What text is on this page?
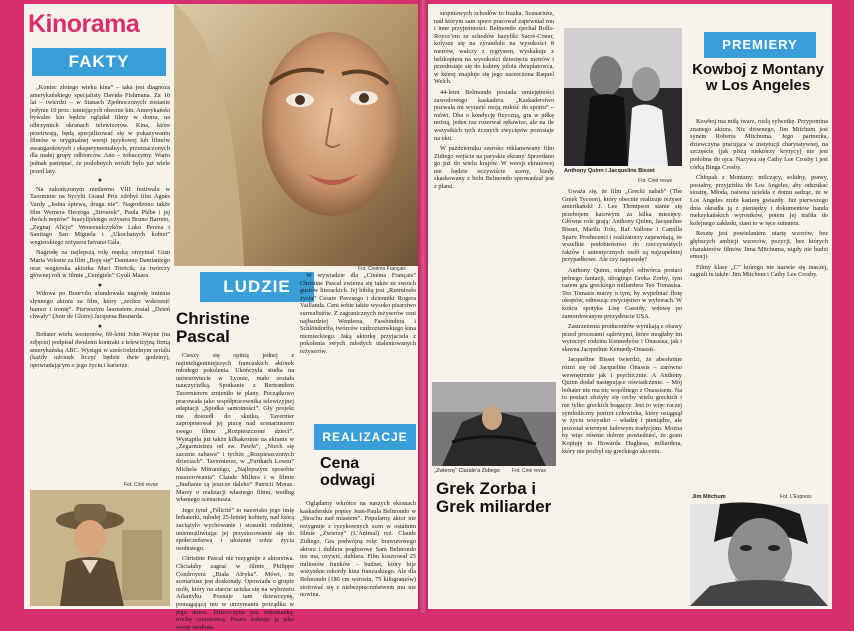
Kinorama
FAKTY

„Koniec złotego wieku kina” – taka jest diagnoza amerykańskiego specjalisty Davida Fishmana. Za 10 lat – twierdzi – w Stanach Zjednoczonych zostanie jedynie 10 proc. istniejących obecnie kin. Amerykański bywalec kin będzie oglądał filmy w domu, na olbrzymich ekranach telewizorów. Kina, które przetrwają, będą specjalizować się w pokazywaniu filmów w oryginalnej wersji językowej lub filmów awangardowych i eksperymentalnych, przeznaczonych dla małej grupy odbiorców. Ano – zobaczymy. Warto jednak pamiętać, że podobnych wróżb było już wiele przed laty.

★

Na zakończonym niedawno VIII festiwalu w Taorminie na Sycylii Grand Prix zdobył film Agnès Vardy „Jedna śpiewa, druga nie”. Nagrodzono także film Wernera Herzoga „Stroszek”, Paula Plébe i jej dwóch mężów” brazylijskiego reżysera Bruno Barreto, „Zegnaj Alicjo” Wenezuelczyków Luko Pereza i Santiago San Miguela i „Ukochanych kobiet” wegierskiego reżysera Istvana Gála.

Nagrodę za najlepszą rolę męską otrzymał Gian Maria Volonte za film „Boję się” Damiano Damianiego oraz wegierska aktorka Mari Töröcik, za twórczy głównej roli w filmie „Cerégiele” Gyuli Maara.

★

Wdowa po Bourvilu ufundowała nagrodę imienia słynnego aktora za film, który „zechce wskrzesić humor i ironię”. Pierwszym laureatem został „Dzień chwały” (Jour de Gloire) Jacquesa Besnarda.

★

Bohater wielu westernów, 69-letni John Wayne (na zdjęciu) podpisał dwuletni kontrakt z telewizyjną firmą amerykańską ABC. Wystąpi w sześciodzielnym serialu (każdy odcinek liczyć będzie dwie godziny), opowiadającym o jego życiu i karierze.

Fot. Ciné revue
Fot. Cinéma Français
LUDZIE
Christine Pascal

Cieszy się opinią jednej z najinteligentniejszych francuskich aktorek młodego pokolenia. Ukończyła studia na uniwersytecie w Lyonie, mało została nauczycielką. Spotkanie z Bertrandem Tavernierem zmieniło te plany. Początkowo pracowała jako współpracownika telewizyjnej adaptacji „Spodka samotności”. Gły projekt nie doszedł do skutku, Tavernier zaproponował jej pracę nad scenariuszem swego filmu „Rozpieszczone dzieci”. Wystąpiła już także kilkakrotnie na ekranie w „Zegarmistrzu od sw. Pawła”, „Niech się zacznie zabawa” i tychże „Rozpieszczonych dzieciach”. Tavernierze, w „Furtkach Lowtu” Michela Mitraniégo, „Najlepszym sposobie maszerowania” Claude Millera i w filmie „Jindianie są jeszcze daleko” Patricii Moraz. Marzy o realizacji własnego filmu, według własnego scenariusza.

Jego tytuł „Félicité” to nazwisko jego imię bohaterki, młodej 25-letniej kobiety, nad którą zaciążyło wychowanie i stosunki rodzinne, uniemożliwiając jej przystosowanie się do społeczeństwa i ułożenie sobie życia osobistego.

Christine Pascal nie rezygnuje z aktorstwa. Chciałaby zagrać w filmie Philippe Condroyera „Biała Afryka”. Mówi, że scenariusz jest doskonały. Opowiada o grupie osób, który na starcie ucieka się na wybrzeżu Atlantyku. Poznaje tam dziewczynę, pomagającą mu w utrzymaniu porządku w jego domu. Dziewczyna jest mitomanką, trochę czarownicą. Pisarz traktuje ją jako swoje medium.

W wywiadzie dla „Cinéma Français” Christine Pascal zwierza się także ze swoich gustów literackich. Jej biblią jest „Rzemiosło życia” Cesare Pavesego i dzienniki Rogera Vaillanda. Ceni sobie także wysoko pisarstwo surrealistów. Z zagranicznych reżyserów ceni najbardziej Wendersa, Fassbindera i Schlöndorffa, twórców cudzoziemskiego kina niemieckiego. Jaką aktorkę przyjaciela z pokolenia swych młodych utalentowanych reżyserów.

REALIZACJE
Cena odwagi

Oglądamy wkrótce na naszych ekranach kaskaderskie popisy Jean-Paula Belmondo w „Strachu nad miastem”. Popularny aktor nie rezygnuje z ryzykownych scen w ostatnim filmie „Zwierzę” (L'Animal) reż. Claude Zidiego. Gra podwójną rolę: brawurowego aktora i dublera pogłosowe Sam Belmondo nie ma, ozywić, dublera. Film kosztował 25 milionów franków – budzet, który bije wszystkie rekordy kina francuskiego. Ale dla Belmondo (180 cm wzrostu, 75 kilogramów) stożować się z niebezpieczeństwem mu nie nowina.

stopniowych schodów to frazka. Scenariusz, nad którym sam sporo pracował zapewniał mu i inne przyjemności. Belmondo zjechał Rolls-Royce’em ze schodów bazyliki Sacré-Coeur, kolysze się na zyrandolu na wysokości 8 metrów, walczy z tygrysem, wyskakuje z helikoptera na wysokości dziesięciu metrów i przedostaje się do kabiny pilota dwupłatowca, w której znajduje się jego narzeczona Raquel Welch.

44-letni Belmondo posiada umiejętności zawodowego kaskadera. „Kaskaderstwo pozwala mi wyrazić moją miłość do sportu” – mówi. Dba o kondycję fizyczną, gra w piłkę nożną, jeden raz rozerwał rękawice, ale na tle wszystkich tych żcznych zwycięstw pozostaje na oku.

W październiku szeroko reklamowany film Zidiego wejście na paryskie ekrany. Sprzedano go już do wielu krajów. W wersji ekranowej nie będzie oczywiście sceny, kiedy skaskowany z bolu Belmondo sprowadzał jest z planu.

„Zwierzę” Claude’a Zidiego Fot. Ciné revue
Grek Zorba i Grek miliarder
Anthony Quinn i Jacqueline Bisset
Fot. Ciné revue

Uważa się, że film „Grecki nabab” (The Greek Tycoon), który obecnie realizuje reżyser amerikański J. Lee Thompson stanie się przebojem kasowym za kilka miesięcy. Główne role grają: Anthony Quinn, Jacqueline Bisset, Marilu Tolo, Raf Vallone i Camilla Sparv. Producenci i realizatorzy zapewniają, że wszelkie podobieństwo do rzeczywistych faktów i autentycznych osób są najzupełniej przypadkowe. Ale czy naprawdę?

Anthony Quinn, niegdyś odtwórca postaci pełnego fantazji, ubogiego Greka Zorby, tym razem gra greckiego miliardera Teo Tomasisa. Teo Tomasis marzy o tym, by wypełniać flotę okrętów, odnosząc zwycięstwo w wyborach. W końcu spotyka Lisę Cassidy, wdowę po zamordowanym prezydencie USA.

Zastrzeżenia producentów wynikają z obawy przed procesami sądowymi, które mogłaby im wytoczyć rodzina Kennedyów i Onassisa, jak i sławna Jacqueline Kennedy-Onassis.

Jacqueline Bisset twierdzi, że absolutnie różni się od Jacqueline Onassis – zarówno wewnętrznie jak i psychicznie. A Anthony Quinn dodał następujące oświadczenie: – Mój bohater nie ma nic wspólnego z Onassisem. Na to postaci złożyły się cechy wielu greckich i nie tylko greckich bogaczy. Jest to więc raczej symboliczny portret człowieka, który osiągnął w życiu wszystko – władzę i pieniądze, ale pozostał wiernym ludowym tradycjom. Można by więc równie dobrze powiedzieć, że gram Kopiuję to Howarda Hughesa, miliardera, który nie pozbył się greckiego akcentu.

PREMIERY
Kowboj z Montany w Los Angeles

Kowboj ma miłą twarz, roslą sylwetkę. Przypomina znanego aktora. Nic dziwnego, Jim Mitchum jest synem Roberta Mitchuma. Jego partnerka, dziewczyna pracująca w instytucji charytatywnej, na szczęście (jak piszą niektórzy krytycy) nie jest podobna do ojca. Nazywa się Cathy Lee Crosby i jest córką Binga Crosby.

Chłopak z Montany: milczący, solidny, prawy, postałny, przyjeżdża do Los Angeles, aby odszukać siostrę. Młoda, naiwna uciekła z domu sadząc, że w Los Angeles zrobi karierę gwiazdy. Już pierwszego dnia okradła ją z pieniędzy i dokumentow banda meksykańskich wyrostków, potem jej trafiła do kolejnego zakładu, stam to w ręce sutenera.

Resztę jest powielaniem utartę wzorów, bez głębszych ambicji wzorców, pozycji, bez których charakterów filmów Jima Mitchuma, nigdy nie budzi emocji.

Filmy klasy „C” którego nie nazwie się inaczej, zagrali tu także: Jim Mitchum i Cathy Lee Crosby.

Jim Mitchum	Fot. L’Express
